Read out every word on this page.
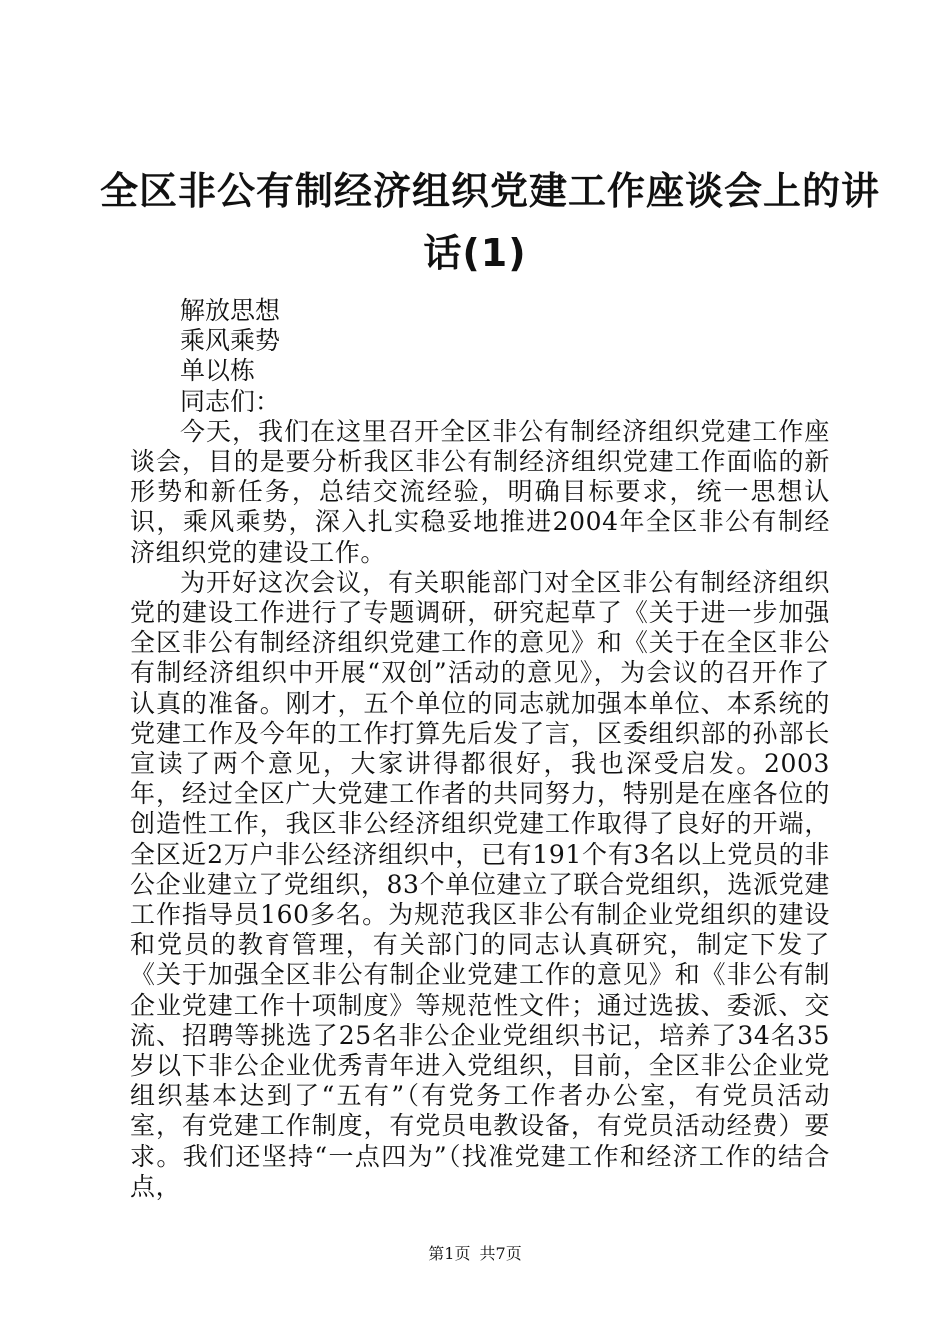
全区非公有制经济组织党建工作座谈会上的讲
话(1)
解放思想
乘风乘势
单以栋
同志们：

今天，我们在这里召开全区非公有制经济组织党建工作座谈会，目的是要分析我区非公有制经济组织党建工作面临的新形势和新任务，总结交流经验，明确目标要求，统一思想认识，乘风乘势，深入扎实稳妥地推进2004年全区非公有制经济组织党的建设工作。

为开好这次会议，有关职能部门对全区非公有制经济组织党的建设工作进行了专题调研，研究起草了《关于进一步加强全区非公有制经济组织党建工作的意见》和《关于在全区非公有制经济组织中开展“双创”活动的意见》，为会议的召开作了认真的准备。刚才，五个单位的同志就加强本单位、本系统的党建工作及今年的工作打算先后发了言，区委组织部的孙部长宣读了两个意见，大家讲得都很好，我也深受启发。2003年，经过全区广大党建工作者的共同努力，特别是在座各位的创造性工作，我区非公经济组织党建工作取得了良好的开端，全区近2万户非公经济组织中，已有191个有3名以上党员的非公企业建立了党组织，83个单位建立了联合党组织，选派党建工作指导员160多名。为规范我区非公有制企业党组织的建设和党员的教育管理，有关部门的同志认真研究，制定下发了《关于加强全区非公有制企业党建工作的意见》和《非公有制企业党建工作十项制度》等规范性文件；通过选拔、委派、交流、招聘等挑选了25名非公企业党组织书记，培养了34名35岁以下非公企业优秀青年进入党组织，目前，全区非公企业党组织基本达到了“五有”（有党务工作者办公室，有党员活动室，有党建工作制度，有党员电教设备，有党员活动经费）要求。我们还坚持“一点四为”（找准党建工作和经济工作的结合点，

第1页 共7页
